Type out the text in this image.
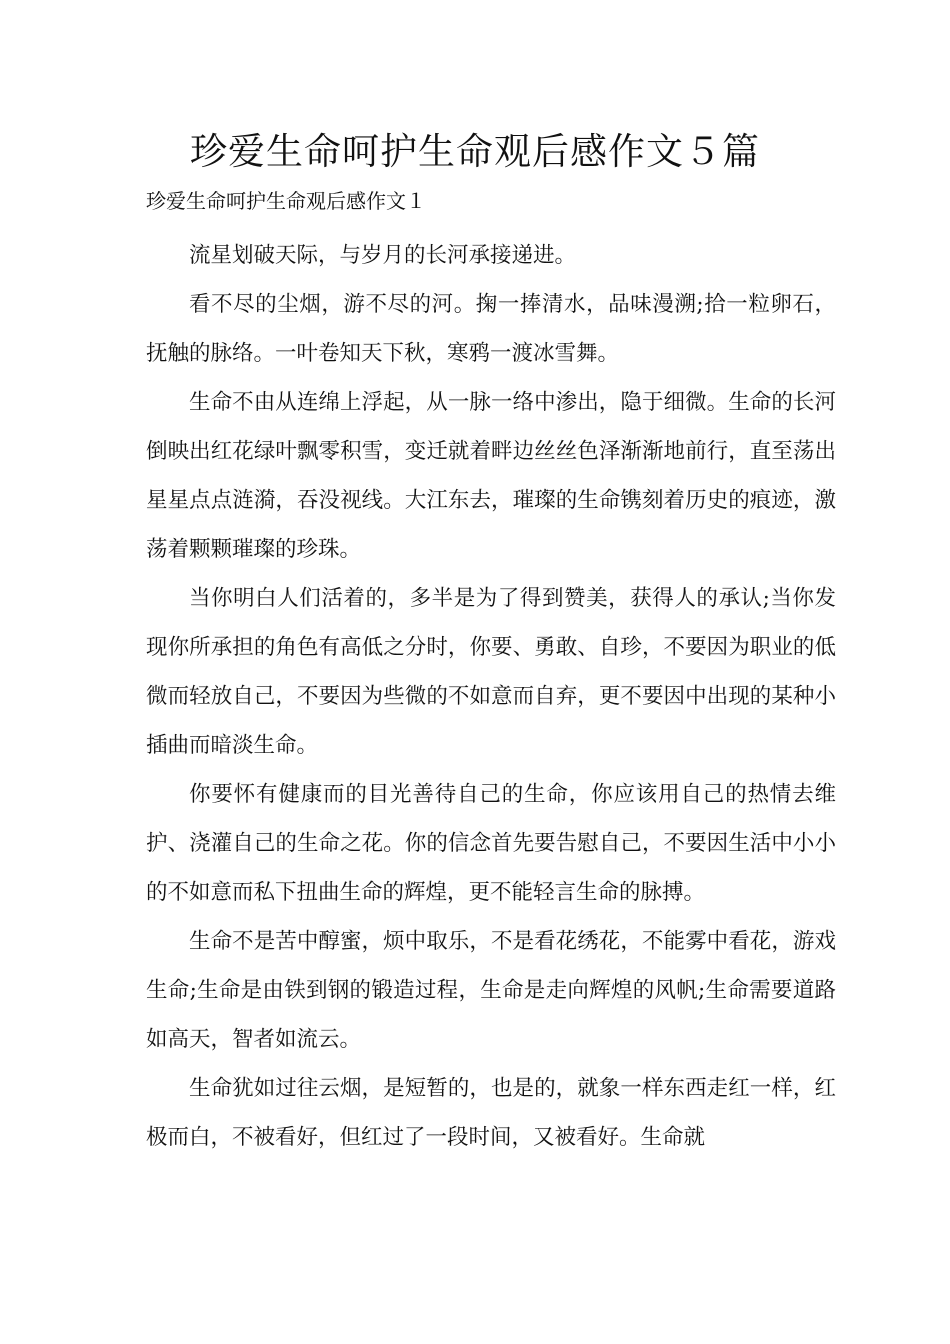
珍爱生命呵护生命观后感作文５篇
珍爱生命呵护生命观后感作文１

流星划破天际，与岁月的长河承接递进。

看不尽的尘烟，游不尽的河。掬一捧清水，品味漫溯;拾一粒卵石，抚触的脉络。一叶卷知天下秋，寒鸦一渡冰雪舞。

生命不由从连绵上浮起，从一脉一络中渗出，隐于细微。生命的长河倒映出红花绿叶飘零积雪，变迁就着畔边丝丝色泽渐渐地前行，直至荡出星星点点涟漪，吞没视线。大江东去，璀璨的生命镌刻着历史的痕迹，激荡着颗颗璀璨的珍珠。

当你明白人们活着的，多半是为了得到赞美，获得人的承认;当你发现你所承担的角色有高低之分时，你要、勇敢、自珍，不要因为职业的低微而轻放自己，不要因为些微的不如意而自弃，更不要因中出现的某种小插曲而暗淡生命。

你要怀有健康而的目光善待自己的生命，你应该用自己的热情去维护、浇灌自己的生命之花。你的信念首先要告慰自己，不要因生活中小小的不如意而私下扭曲生命的辉煌，更不能轻言生命的脉搏。

生命不是苦中醇蜜，烦中取乐，不是看花绣花，不能雾中看花，游戏生命;生命是由铁到钢的锻造过程，生命是走向辉煌的风帆;生命需要道路如高天，智者如流云。

生命犹如过往云烟，是短暂的，也是的，就象一样东西走红一样，红极而白，不被看好，但红过了一段时间，又被看好。生命就
